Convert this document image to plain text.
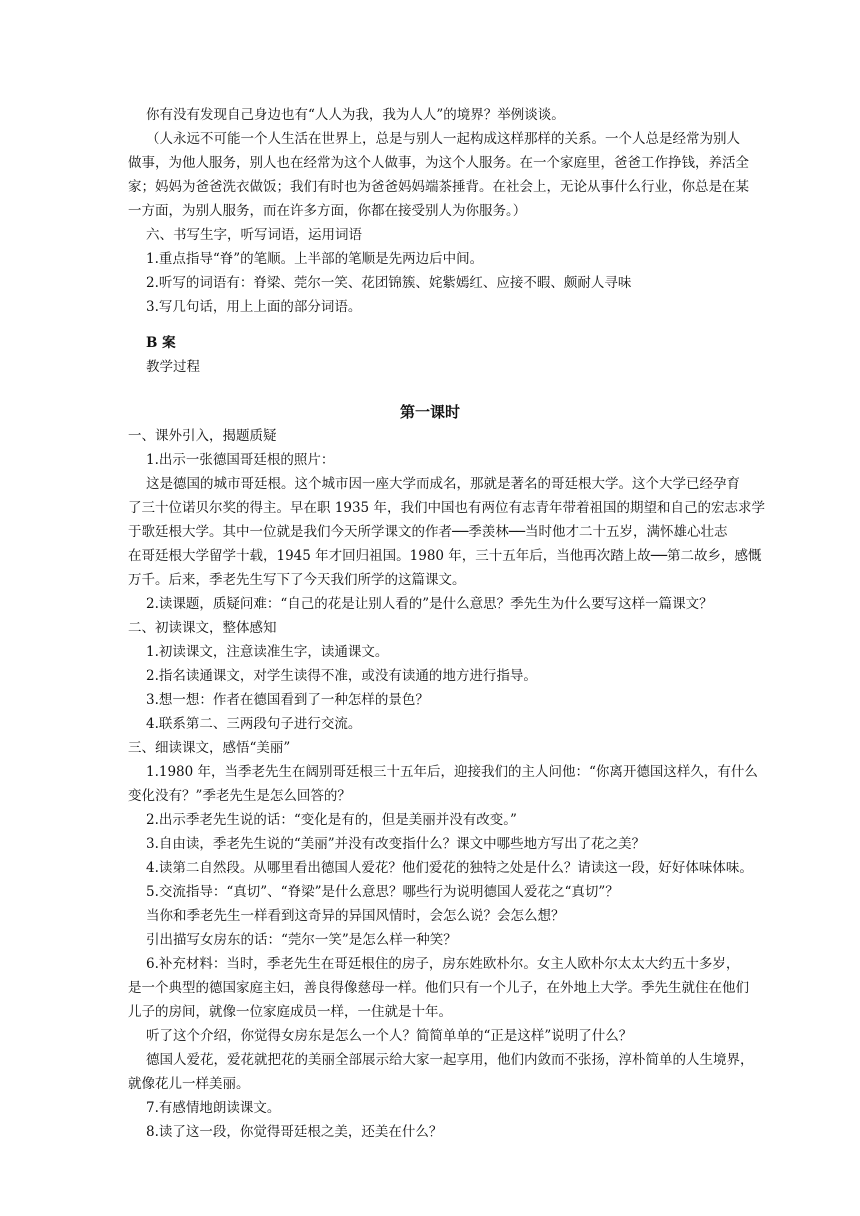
你有没有发现自己身边也有“人人为我，我为人人”的境界？举例谈谈。
（人永远不可能一个人生活在世界上，总是与别人一起构成这样那样的关系。一个人总是经常为别人
做事，为他人服务，别人也在经常为这个人做事，为这个人服务。在一个家庭里，爸爸工作挣钱，养活全
家；妈妈为爸爸洗衣做饭；我们有时也为爸爸妈妈端茶捶背。在社会上，无论从事什么行业，你总是在某
一方面，为别人服务，而在许多方面，你都在接受别人为你服务。）
六、书写生字，听写词语，运用词语
1.重点指导“脊”的笔顺。上半部的笔顺是先两边后中间。
2.听写的词语有：脊梁、莞尔一笑、花团锦簇、姹紫嫣红、应接不暇、颇耐人寻味
3.写几句话，用上上面的部分词语。
B 案
教学过程
第一课时
一、课外引入，揭题质疑
1.出示一张德国哥廷根的照片：
这是德国的城市哥廷根。这个城市因一座大学而成名，那就是著名的哥廷根大学。这个大学已经孕育
了三十位诺贝尔奖的得主。早在职 1935 年，我们中国也有两位有志青年带着祖国的期望和自己的宏志求学
于歌廷根大学。其中一位就是我们今天所学课文的作者──季羡林──当时他才二十五岁，满怀雄心壮志
在哥廷根大学留学十载，1945 年才回归祖国。1980 年，三十五年后，当他再次踏上故──第二故乡，感慨
万千。后来，季老先生写下了今天我们所学的这篇课文。
2.读课题，质疑问难：“自己的花是让别人看的”是什么意思？季先生为什么要写这样一篇课文？
二、初读课文，整体感知
1.初读课文，注意读准生字，读通课文。
2.指名读通课文，对学生读得不准，或没有读通的地方进行指导。
3.想一想：作者在德国看到了一种怎样的景色？
4.联系第二、三两段句子进行交流。
三、细读课文，感悟“美丽”
1.1980 年，当季老先生在阔别哥廷根三十五年后，迎接我们的主人问他：“你离开德国这样久，有什么
变化没有？”季老先生是怎么回答的？
2.出示季老先生说的话：“变化是有的，但是美丽并没有改变。”
3.自由读，季老先生说的“美丽”并没有改变指什么？课文中哪些地方写出了花之美？
4.读第二自然段。从哪里看出德国人爱花？他们爱花的独特之处是什么？请读这一段，好好体味体味。
5.交流指导：“真切”、“脊梁”是什么意思？哪些行为说明德国人爱花之“真切”？
当你和季老先生一样看到这奇异的异国风情时，会怎么说？会怎么想？
引出描写女房东的话：“莞尔一笑”是怎么样一种笑？
6.补充材料：当时，季老先生在哥廷根住的房子，房东姓欧朴尔。女主人欧朴尔太太大约五十多岁，
是一个典型的德国家庭主妇，善良得像慈母一样。他们只有一个儿子，在外地上大学。季先生就住在他们
儿子的房间，就像一位家庭成员一样，一住就是十年。
听了这个介绍，你觉得女房东是怎么一个人？简简单单的“正是这样”说明了什么？
德国人爱花，爱花就把花的美丽全部展示给大家一起享用，他们内敛而不张扬，淳朴简单的人生境界，
就像花儿一样美丽。
7.有感情地朗读课文。
8.读了这一段，你觉得哥廷根之美，还美在什么？
